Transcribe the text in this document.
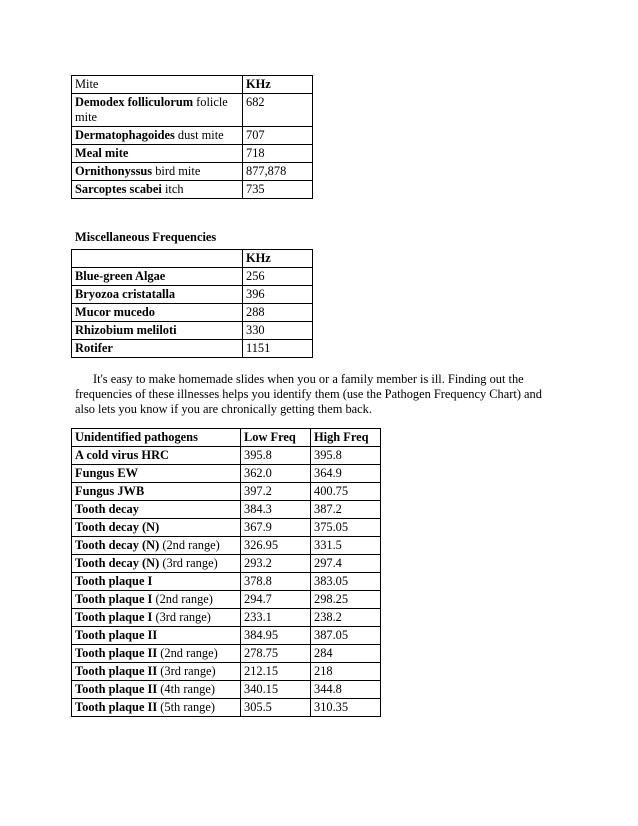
Mite	KHz
Demodex folliculorum folicle mite	682
Dermatophagoides dust mite	707
Meal mite	718
Ornithonyssus bird mite	877,878
Sarcoptes scabei itch	735

Miscellaneous Frequencies

	KHz
Blue-green Algae	256
Bryozoa cristatalla	396
Mucor mucedo	288
Rhizobium meliloti	330
Rotifer	1151

It's easy to make homemade slides when you or a family member is ill. Finding out the frequencies of these illnesses helps you identify them (use the Pathogen Frequency Chart) and also lets you know if you are chronically getting them back.

Unidentified pathogens	Low Freq	High Freq
A cold virus HRC	395.8	395.8
Fungus EW	362.0	364.9
Fungus JWB	397.2	400.75
Tooth decay	384.3	387.2
Tooth decay (N)	367.9	375.05
Tooth decay (N) (2nd range)	326.95	331.5
Tooth decay (N) (3rd range)	293.2	297.4
Tooth plaque I	378.8	383.05
Tooth plaque I (2nd range)	294.7	298.25
Tooth plaque I (3rd range)	233.1	238.2
Tooth plaque II	384.95	387.05
Tooth plaque II (2nd range)	278.75	284
Tooth plaque II (3rd range)	212.15	218
Tooth plaque II (4th range)	340.15	344.8
Tooth plaque II (5th range)	305.5	310.35
